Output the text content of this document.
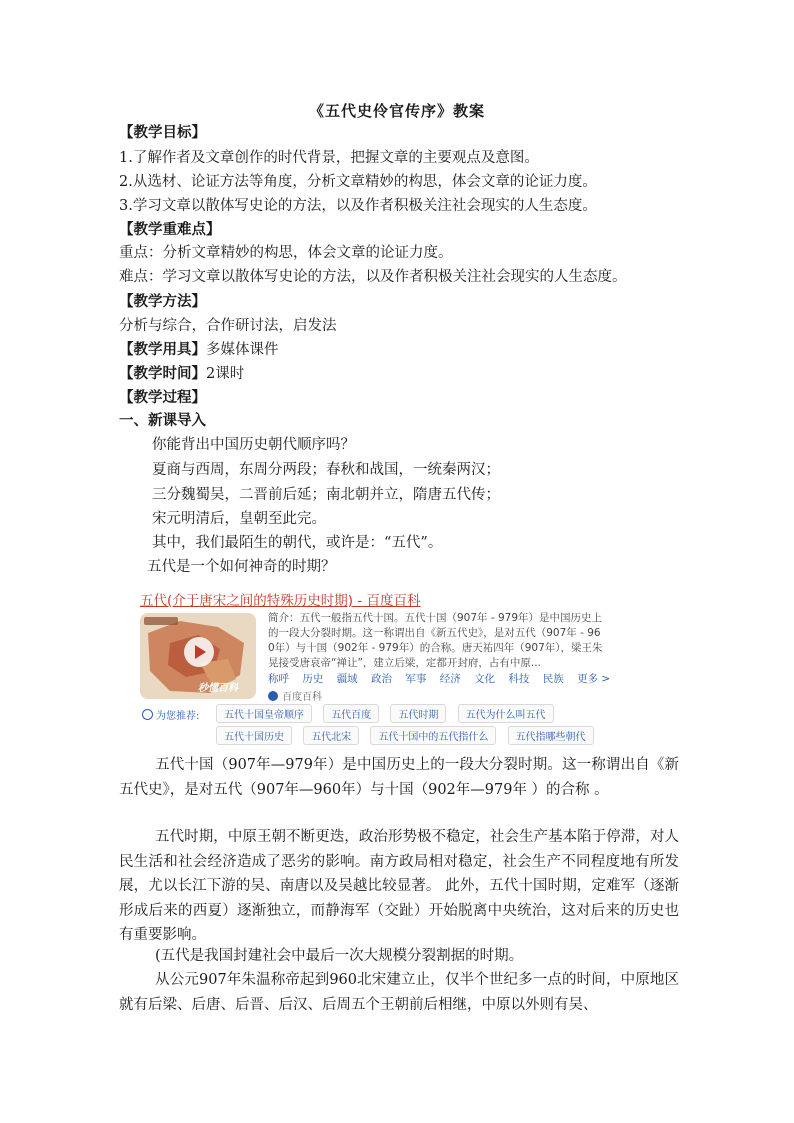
《五代史伶官传序》教案
【教学目标】
1.了解作者及文章创作的时代背景，把握文章的主要观点及意图。
2.从选材、论证方法等角度，分析文章精妙的构思，体会文章的论证力度。
3.学习文章以散体写史论的方法，以及作者积极关注社会现实的人生态度。
【教学重难点】
重点：分析文章精妙的构思，体会文章的论证力度。
难点：学习文章以散体写史论的方法，以及作者积极关注社会现实的人生态度。
【教学方法】
分析与综合，合作研讨法，启发法
【教学用具】多媒体课件
【教学时间】2课时
【教学过程】
一、新课导入
你能背出中国历史朝代顺序吗？
夏商与西周，东周分两段；春秋和战国，一统秦两汉；
三分魏蜀吴，二晋前后延；南北朝并立，隋唐五代传；
宋元明清后，皇朝至此完。
其中，我们最陌生的朝代，或许是：“五代”。
五代是一个如何神奇的时期？
五代(介于唐宋之间的特殊历史时期) - 百度百科
秒懂百科
简介：五代一般指五代十国。五代十国（907年 - 979年）是中国历史上
的一段大分裂时期。这一称谓出自《新五代史》，是对五代（907年 - 96
0年）与十国（902年 - 979年）的合称。唐天祐四年（907年），梁王朱
晃接受唐哀帝“禅让”，建立后梁，定都开封府，占有中原...
称呼 历史 疆域 政治 军事 经济 文化 科技 民族 更多 >
百度百科
为您推荐:	五代十国皇帝顺序	五代百度	五代时期	五代为什么叫五代
五代十国历史	五代北宋	五代十国中的五代指什么	五代指哪些朝代
五代十国（907年—979年）是中国历史上的一段大分裂时期。这一称谓出自《新五代史》，是对五代（907年—960年）与十国（902年—979年 ）的合称 。
五代时期，中原王朝不断更迭，政治形势极不稳定，社会生产基本陷于停滞，对人民生活和社会经济造成了恶劣的影响。南方政局相对稳定，社会生产不同程度地有所发展，尤以长江下游的吴、南唐以及吴越比较显著。 此外，五代十国时期，定难军（逐渐形成后来的西夏）逐渐独立，而静海军（交趾）开始脱离中央统治，这对后来的历史也有重要影响。
(五代是我国封建社会中最后一次大规模分裂割据的时期。
从公元907年朱温称帝起到960北宋建立止，仅半个世纪多一点的时间，中原地区就有后梁、后唐、后晋、后汉、后周五个王朝前后相继，中原以外则有吴、
